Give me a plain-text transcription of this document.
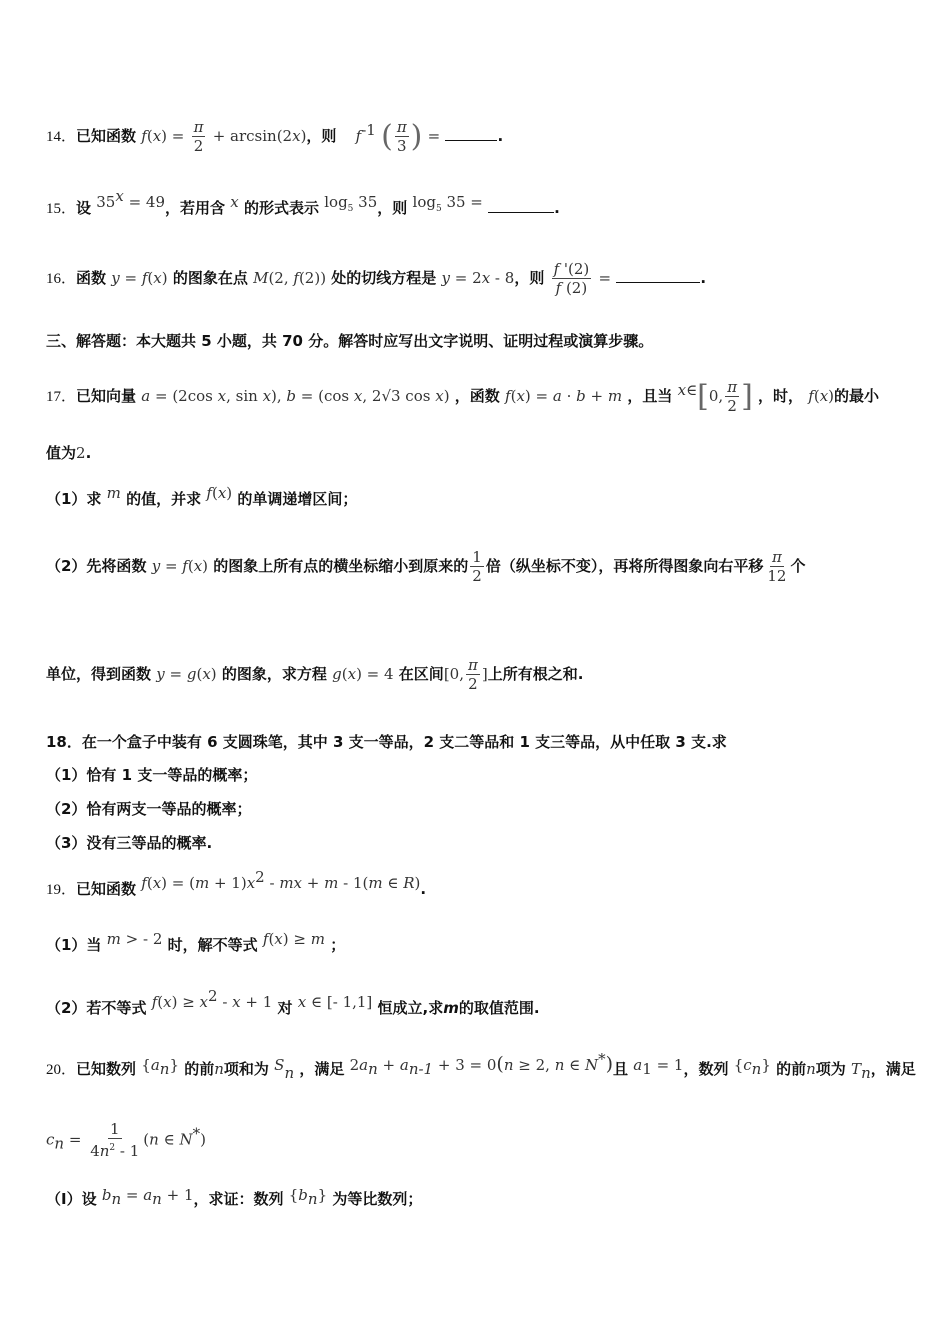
14．已知函数 $f(x) = \frac{\pi}{2} + \arcsin(2x)$，则 $f^{-1}$ ( $\frac{\pi}{3}$ ) =	.
15．设 $35^x = 49$，若用含 x 的形式表示 $\log_5 35$，则 $\log_5 35$ =	.
16．函数 y = f(x) 的图象在点 M(2, f(2)) 处的切线方程是 y = 2x - 8，则 $\frac{f '(2)}{f (2)}$ =	.
三、解答题：本大题共 5 小题，共 70 分。解答时应写出文字说明、证明过程或演算步骤。
17．已知向量 a = (2cos x, sin x), b = (cos x, 2√3 cos x) ，函数 f(x) = a · b + m ，且当 x∈[0, $\frac{\pi}{2}$ ] ，时， f(x)的最小
值为2.
（1）求 m 的值，并求 f(x) 的单调递增区间；
（2）先将函数 y = f(x) 的图象上所有点的横坐标缩小到原来的 $\frac{1}{2}$ 倍（纵坐标不变），再将所得图象向右平移 $\frac{\pi}{12}$ 个
单位，得到函数 y = g(x) 的图象，求方程 g(x) = 4 在区间[0, $\frac{\pi}{2}$ ]上所有根之和.
18．在一个盒子中装有 6 支圆珠笔，其中 3 支一等品，2 支二等品和 1 支三等品，从中任取 3 支.求
（1）恰有 1 支一等品的概率；
（2）恰有两支一等品的概率；
（3）没有三等品的概率.
19．已知函数 $f(x) = (m + 1)x^2$ - mx + m - 1(m ∈ R).
（1）当 m > - 2 时，解不等式 f(x) ≥ m ；
（2）若不等式 $f(x) \ge x^2 - x + 1$ 对 x ∈ [- 1,1] 恒成立,求m的取值范围.
20．已知数列 $\{a_n\}$ 的前n项和为 $S_n$ ，满足 $2a_n + a_{n-1} + 3 = 0(n \ge 2$, n ∈ N*)且 $a_1 = 1$，数列 $\{c_n\}$ 的前n项为 $T_n$，满足
$c_n = \frac{1}{4n^2 - 1} (n$ ∈ N*)
（Ⅰ）设 $b_n = a_n + 1$，求证：数列 $\{b_n\}$ 为等比数列；
